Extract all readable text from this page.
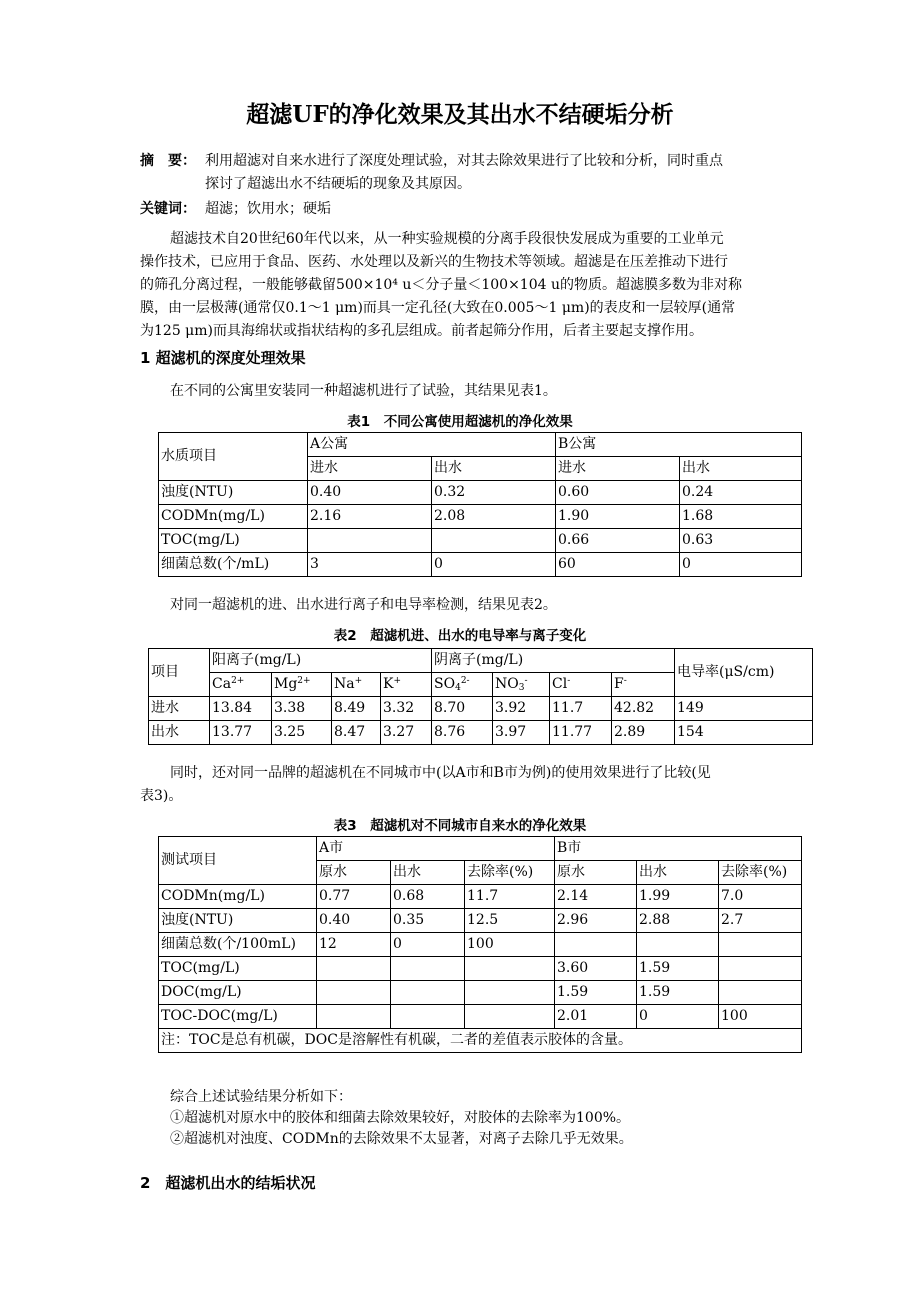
超滤UF的净化效果及其出水不结硬垢分析
摘　要： 利用超滤对自来水进行了深度处理试验，对其去除效果进行了比较和分析，同时重点
探讨了超滤出水不结硬垢的现象及其原因。
关键词： 超滤；饮用水；硬垢
超滤技术自20世纪60年代以来，从一种实验规模的分离手段很快发展成为重要的工业单元
操作技术，已应用于食品、医药、水处理以及新兴的生物技术等领域。超滤是在压差推动下进行
的筛孔分离过程，一般能够截留500×10⁴ u＜分子量＜100×104 u的物质。超滤膜多数为非对称
膜，由一层极薄(通常仅0.1～1 μm)而具一定孔径(大致在0.005～1 μm)的表皮和一层较厚(通常
为125 μm)而具海绵状或指状结构的多孔层组成。前者起筛分作用，后者主要起支撑作用。
1 超滤机的深度处理效果
在不同的公寓里安装同一种超滤机进行了试验，其结果见表1。
表1　不同公寓使用超滤机的净化效果
水质项目	A公寓		B公寓	
	进水	出水	进水	出水
浊度(NTU)	0.40	0.32	0.60	0.24
CODMn(mg/L)	2.16	2.08	1.90	1.68
TOC(mg/L)			0.66	0.63
细菌总数(个/mL)	3	0	60	0
对同一超滤机的进、出水进行离子和电导率检测，结果见表2。
表2　超滤机进、出水的电导率与离子变化
项目	阳离子(mg/L)				阴离子(mg/L)				电导率(μS/cm)
	$Ca^{2+}$	$Mg^{2+}$	Na+	K+	$SO_4^{2-}$	$NO_3^-$	Cl-	F-
进水	13.84	3.38	8.49	3.32	8.70	3.92	11.7	42.82	149
出水	13.77	3.25	8.47	3.27	8.76	3.97	11.77	2.89	154
同时，还对同一品牌的超滤机在不同城市中(以A市和B市为例)的使用效果进行了比较(见
表3)。
表3　超滤机对不同城市自来水的净化效果
测试项目	A市			B市		
	原水	出水	去除率(%)	原水	出水	去除率(%)
CODMn(mg/L)	0.77	0.68	11.7	2.14	1.99	7.0
浊度(NTU)	0.40	0.35	12.5	2.96	2.88	2.7
细菌总数(个/100mL)	12	0	100			
TOC(mg/L)				3.60	1.59	
DOC(mg/L)				1.59	1.59	
TOC-DOC(mg/L)				2.01	0	100
注：TOC是总有机碳，DOC是溶解性有机碳，二者的差值表示胶体的含量。						
综合上述试验结果分析如下：
①超滤机对原水中的胶体和细菌去除效果较好，对胶体的去除率为100%。
②超滤机对浊度、CODMn的去除效果不太显著，对离子去除几乎无效果。
2　超滤机出水的结垢状况
